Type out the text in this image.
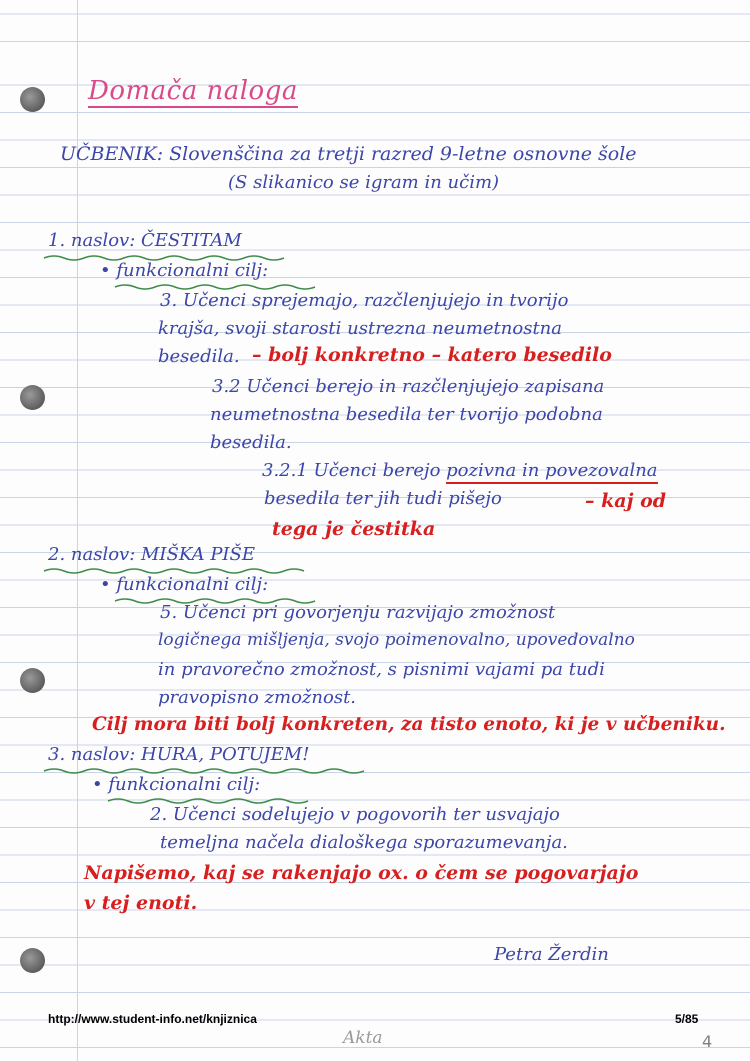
Domača naloga
UČBENIK: Slovenščina za tretji razred 9-letne osnovne šole
(S slikanico se igram in učim)
1. naslov: ČESTITAM
• funkcionalni cilj:
3. Učenci sprejemajo, razčlenjujejo in tvorijo
krajša, svoji starosti ustrezna neumetnostna
besedila. – bolj konkretno – katero besedilo
3.2 Učenci berejo in razčlenjujejo zapisana
neumetnostna besedila ter tvorijo podobna
besedila.
3.2.1 Učenci berejo pozivna in povezovalna
besedila ter jih tudi pišejo	– kaj od
tega je čestitka
2. naslov: MIŠKA PIŠE
• funkcionalni cilj:
5. Učenci pri govorjenju razvijajo zmožnost
logičnega mišljenja, svojo poimenovalno, upovedovalno
in pravorečno zmožnost, s pisnimi vajami pa tudi
pravopisno zmožnost.
Cilj mora biti bolj konkreten, za tisto enoto, ki je v učbeniku.
3. naslov: HURA, POTUJEM!
• funkcionalni cilj:
2. Učenci sodelujejo v pogovorih ter usvajajo
temeljna načela dialoškega sporazumevanja.
Napišemo, kaj se rakenjajo ox. o čem se pogovarjajo
v tej enoti.
Petra Žerdin
http://www.student-info.net/knjiznica	5/85
Akta	4
